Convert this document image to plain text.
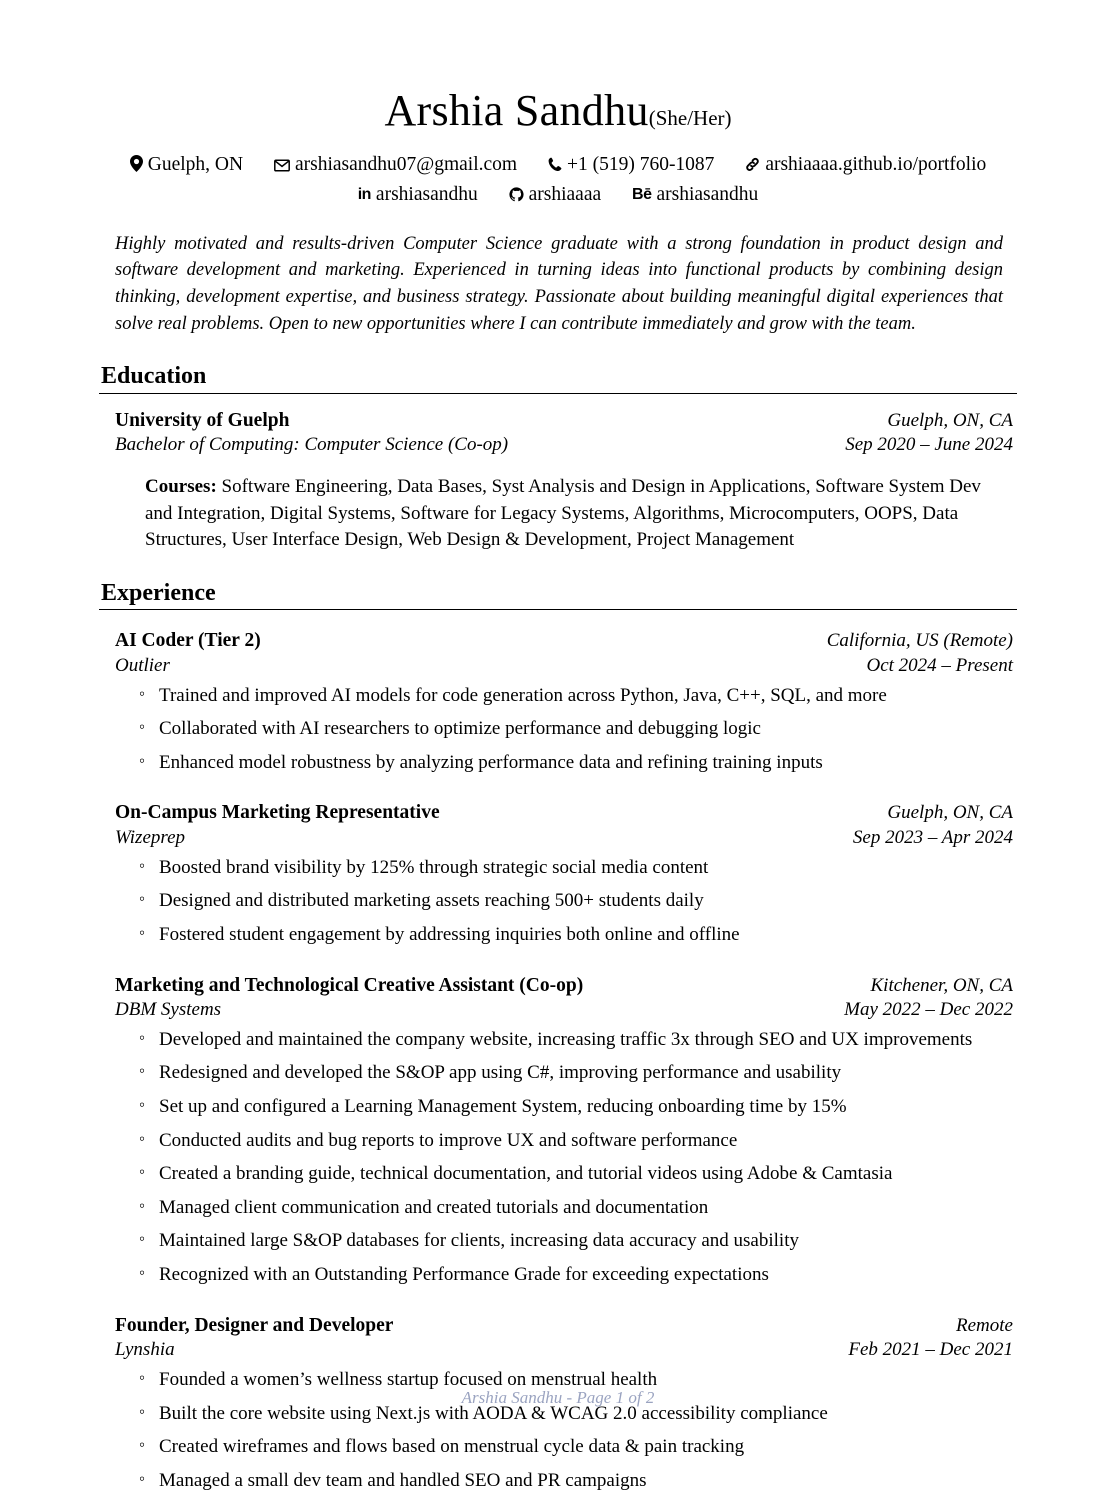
Arshia Sandhu(She/Her)
Guelph, ON	arshiasandhu07@gmail.com	+1 (519) 760-1087	arshiaaaa.github.io/portfolio
in arshiasandhu	arshiaaaa Bē arshiasandhu

Highly motivated and results-driven Computer Science graduate with a strong foundation in product design and software development and marketing. Experienced in turning ideas into functional products by combining design thinking, development expertise, and business strategy. Passionate about building meaningful digital experiences that solve real problems. Open to new opportunities where I can contribute immediately and grow with the team.

Education
University of Guelph	Guelph, ON, CA
Bachelor of Computing: Computer Science (Co-op)	Sep 2020 – June 2024
Courses: Software Engineering, Data Bases, Syst Analysis and Design in Applications, Software System Dev and Integration, Digital Systems, Software for Legacy Systems, Algorithms, Microcomputers, OOPS, Data Structures, User Interface Design, Web Design & Development, Project Management
Experience
AI Coder (Tier 2)	California, US (Remote)
Outlier	Oct 2024 – Present
◦ Trained and improved AI models for code generation across Python, Java, C++, SQL, and more
◦ Collaborated with AI researchers to optimize performance and debugging logic
◦ Enhanced model robustness by analyzing performance data and refining training inputs
On-Campus Marketing Representative	Guelph, ON, CA
Wizeprep	Sep 2023 – Apr 2024
◦ Boosted brand visibility by 125% through strategic social media content
◦ Designed and distributed marketing assets reaching 500+ students daily
◦ Fostered student engagement by addressing inquiries both online and offline
Marketing and Technological Creative Assistant (Co-op)	Kitchener, ON, CA
DBM Systems	May 2022 – Dec 2022
◦ Developed and maintained the company website, increasing traffic 3x through SEO and UX improvements
◦ Redesigned and developed the S&OP app using C#, improving performance and usability
◦ Set up and configured a Learning Management System, reducing onboarding time by 15%
◦ Conducted audits and bug reports to improve UX and software performance
◦ Created a branding guide, technical documentation, and tutorial videos using Adobe & Camtasia
◦ Managed client communication and created tutorials and documentation
◦ Maintained large S&OP databases for clients, increasing data accuracy and usability
◦ Recognized with an Outstanding Performance Grade for exceeding expectations
Founder, Designer and Developer	Remote
Lynshia	Feb 2021 – Dec 2021
◦ Founded a women’s wellness startup focused on menstrual health
◦ Built the core website using Next.js with AODA & WCAG 2.0 accessibility compliance
◦ Created wireframes and flows based on menstrual cycle data & pain tracking
◦ Managed a small dev team and handled SEO and PR campaigns
Arshia Sandhu - Page 1 of 2
